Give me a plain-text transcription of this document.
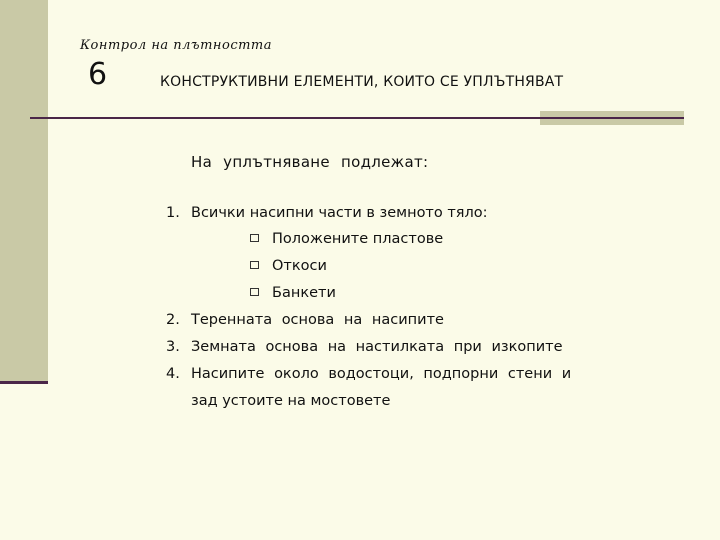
Контрол на плътността
6	КОНСТРУКТИВНИ ЕЛЕМЕНТИ, КОИТО СЕ УПЛЪТНЯВАТ
На уплътняване подлежат:
1. Всички насипни части в земното тяло:
Положените пластове
Откоси
Банкети
2. Теренната основа на насипите
3. Земната основа на настилката при изкопите
4. Насипите около водостоци, подпорни стени и
зад устоите на мостовете
